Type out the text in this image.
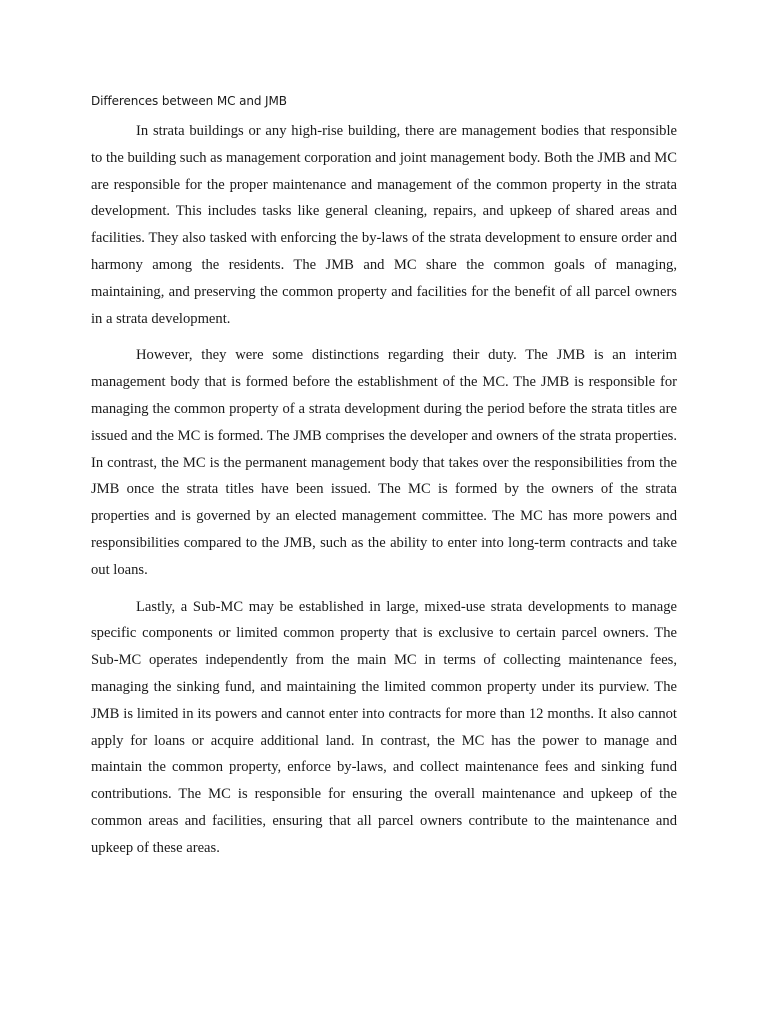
Differences between MC and JMB

In strata buildings or any high-rise building, there are management bodies that responsible to the building such as management corporation and joint management body. Both the JMB and MC are responsible for the proper maintenance and management of the common property in the strata development. This includes tasks like general cleaning, repairs, and upkeep of shared areas and facilities. They also tasked with enforcing the by-laws of the strata development to ensure order and harmony among the residents. The JMB and MC share the common goals of managing, maintaining, and preserving the common property and facilities for the benefit of all parcel owners in a strata development.

However, they were some distinctions regarding their duty. The JMB is an interim management body that is formed before the establishment of the MC. The JMB is responsible for managing the common property of a strata development during the period before the strata titles are issued and the MC is formed. The JMB comprises the developer and owners of the strata properties. In contrast, the MC is the permanent management body that takes over the responsibilities from the JMB once the strata titles have been issued. The MC is formed by the owners of the strata properties and is governed by an elected management committee. The MC has more powers and responsibilities compared to the JMB, such as the ability to enter into long-term contracts and take out loans.

Lastly, a Sub-MC may be established in large, mixed-use strata developments to manage specific components or limited common property that is exclusive to certain parcel owners. The Sub-MC operates independently from the main MC in terms of collecting maintenance fees, managing the sinking fund, and maintaining the limited common property under its purview. The JMB is limited in its powers and cannot enter into contracts for more than 12 months. It also cannot apply for loans or acquire additional land. In contrast, the MC has the power to manage and maintain the common property, enforce by-laws, and collect maintenance fees and sinking fund contributions. The MC is responsible for ensuring the overall maintenance and upkeep of the common areas and facilities, ensuring that all parcel owners contribute to the maintenance and upkeep of these areas.
